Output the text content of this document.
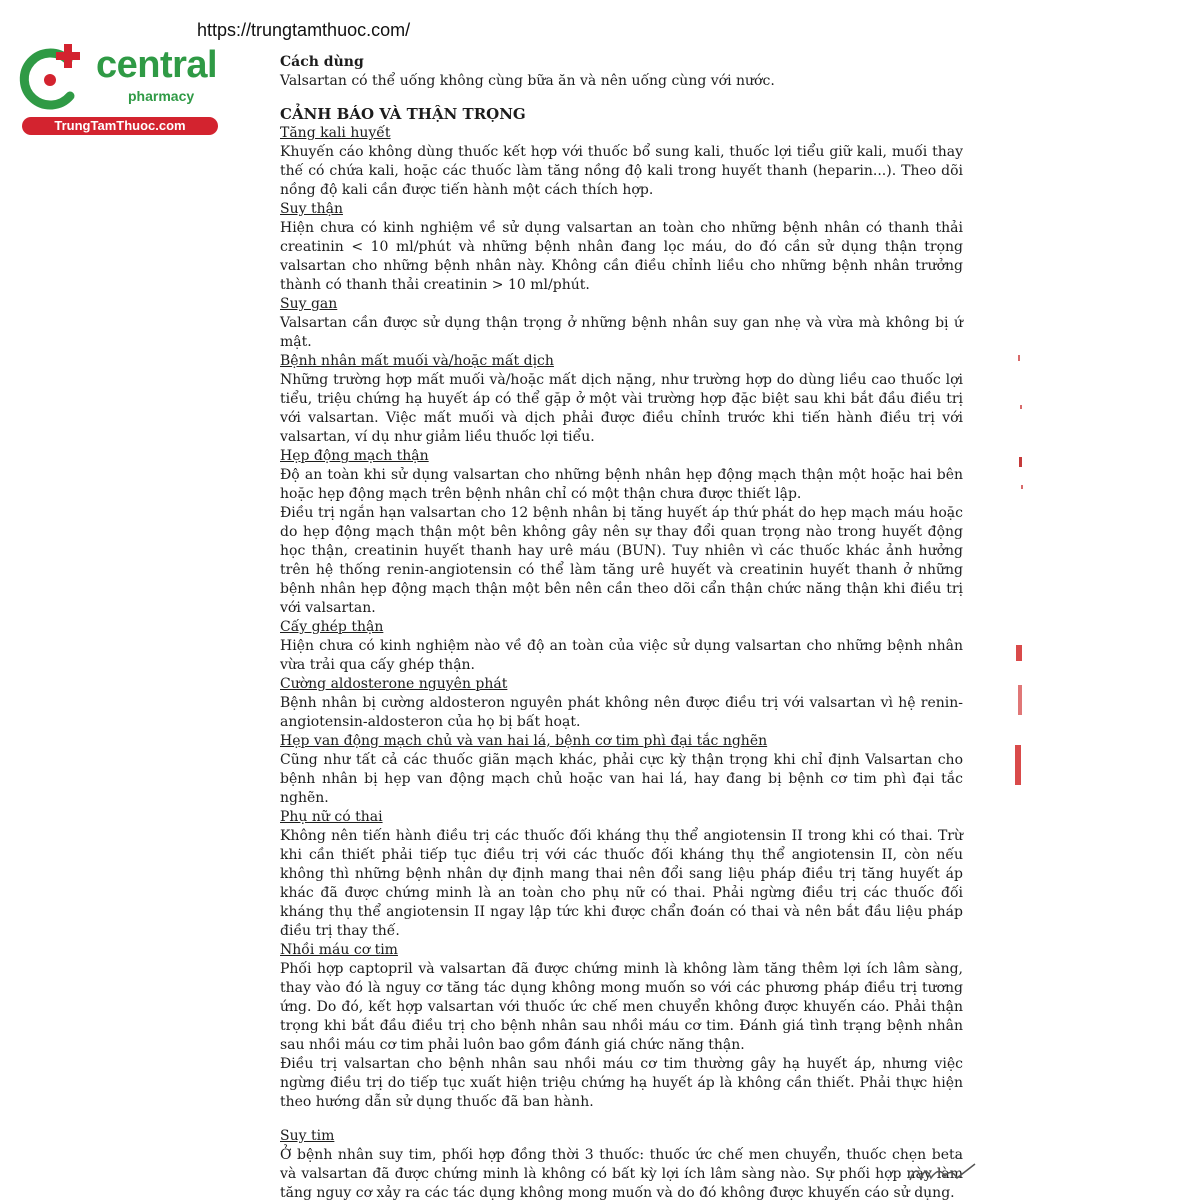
https://trungtamthuoc.com/
central
pharmacy
TrungTamThuoc.com

Cách dùng

Valsartan có thể uống không cùng bữa ăn và nên uống cùng với nước.

CẢNH BÁO VÀ THẬN TRỌNG

Tăng kali huyết

Khuyến cáo không dùng thuốc kết hợp với thuốc bổ sung kali, thuốc lợi tiểu giữ kali, muối thay thế có chứa kali, hoặc các thuốc làm tăng nồng độ kali trong huyết thanh (heparin...). Theo dõi nồng độ kali cần được tiến hành một cách thích hợp.

Suy thận

Hiện chưa có kinh nghiệm về sử dụng valsartan an toàn cho những bệnh nhân có thanh thải creatinin < 10 ml/phút và những bệnh nhân đang lọc máu, do đó cần sử dụng thận trọng valsartan cho những bệnh nhân này. Không cần điều chỉnh liều cho những bệnh nhân trưởng thành có thanh thải creatinin > 10 ml/phút.

Suy gan

Valsartan cần được sử dụng thận trọng ở những bệnh nhân suy gan nhẹ và vừa mà không bị ứ mật.

Bệnh nhân mất muối và/hoặc mất dịch

Những trường hợp mất muối và/hoặc mất dịch nặng, như trường hợp do dùng liều cao thuốc lợi tiểu, triệu chứng hạ huyết áp có thể gặp ở một vài trường hợp đặc biệt sau khi bắt đầu điều trị với valsartan. Việc mất muối và dịch phải được điều chỉnh trước khi tiến hành điều trị với valsartan, ví dụ như giảm liều thuốc lợi tiểu.

Hẹp động mạch thận

Độ an toàn khi sử dụng valsartan cho những bệnh nhân hẹp động mạch thận một hoặc hai bên hoặc hẹp động mạch trên bệnh nhân chỉ có một thận chưa được thiết lập.

Điều trị ngắn hạn valsartan cho 12 bệnh nhân bị tăng huyết áp thứ phát do hẹp mạch máu hoặc do hẹp động mạch thận một bên không gây nên sự thay đổi quan trọng nào trong huyết động học thận, creatinin huyết thanh hay urê máu (BUN). Tuy nhiên vì các thuốc khác ảnh hưởng trên hệ thống renin-angiotensin có thể làm tăng urê huyết và creatinin huyết thanh ở những bệnh nhân hẹp động mạch thận một bên nên cần theo dõi cẩn thận chức năng thận khi điều trị với valsartan.

Cấy ghép thận

Hiện chưa có kinh nghiệm nào về độ an toàn của việc sử dụng valsartan cho những bệnh nhân vừa trải qua cấy ghép thận.

Cường aldosterone nguyên phát

Bệnh nhân bị cường aldosteron nguyên phát không nên được điều trị với valsartan vì hệ renin-angiotensin-aldosteron của họ bị bất hoạt.

Hẹp van động mạch chủ và van hai lá, bệnh cơ tim phì đại tắc nghẽn

Cũng như tất cả các thuốc giãn mạch khác, phải cực kỳ thận trọng khi chỉ định Valsartan cho bệnh nhân bị hẹp van động mạch chủ hoặc van hai lá, hay đang bị bệnh cơ tim phì đại tắc nghẽn.

Phụ nữ có thai

Không nên tiến hành điều trị các thuốc đối kháng thụ thể angiotensin II trong khi có thai. Trừ khi cần thiết phải tiếp tục điều trị với các thuốc đối kháng thụ thể angiotensin II, còn nếu không thì những bệnh nhân dự định mang thai nên đổi sang liệu pháp điều trị tăng huyết áp khác đã được chứng minh là an toàn cho phụ nữ có thai. Phải ngừng điều trị các thuốc đối kháng thụ thể angiotensin II ngay lập tức khi được chẩn đoán có thai và nên bắt đầu liệu pháp điều trị thay thế.

Nhồi máu cơ tim

Phối hợp captopril và valsartan đã được chứng minh là không làm tăng thêm lợi ích lâm sàng, thay vào đó là nguy cơ tăng tác dụng không mong muốn so với các phương pháp điều trị tương ứng. Do đó, kết hợp valsartan với thuốc ức chế men chuyển không được khuyến cáo. Phải thận trọng khi bắt đầu điều trị cho bệnh nhân sau nhồi máu cơ tim. Đánh giá tình trạng bệnh nhân sau nhồi máu cơ tim phải luôn bao gồm đánh giá chức năng thận.

Điều trị valsartan cho bệnh nhân sau nhồi máu cơ tim thường gây hạ huyết áp, nhưng việc ngừng điều trị do tiếp tục xuất hiện triệu chứng hạ huyết áp là không cần thiết. Phải thực hiện theo hướng dẫn sử dụng thuốc đã ban hành.

Suy tim

Ở bệnh nhân suy tim, phối hợp đồng thời 3 thuốc: thuốc ức chế men chuyển, thuốc chẹn beta và valsartan đã được chứng minh là không có bất kỳ lợi ích lâm sàng nào. Sự phối hợp này làm tăng nguy cơ xảy ra các tác dụng không mong muốn và do đó không được khuyến cáo sử dụng.
